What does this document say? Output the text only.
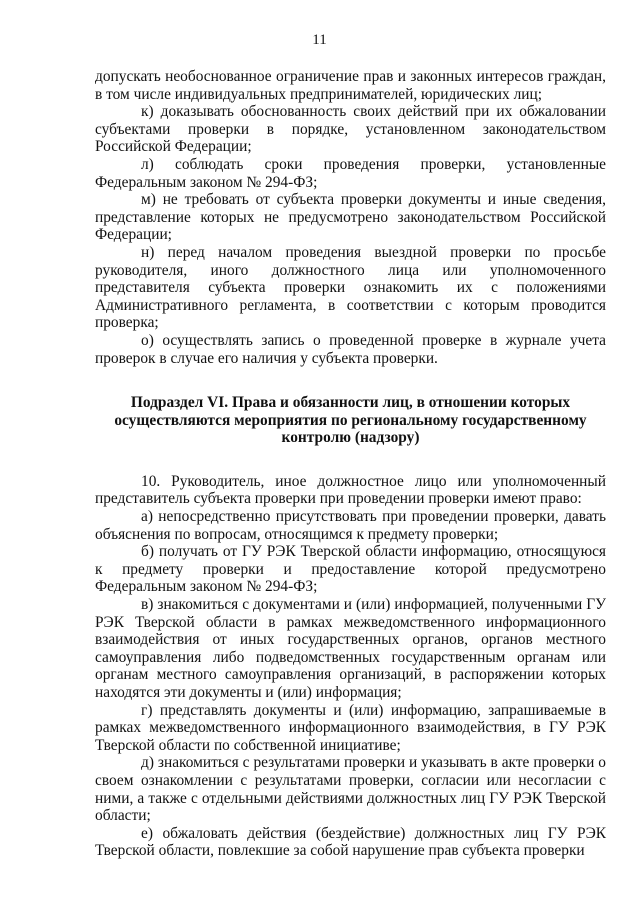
11

допускать необоснованное ограничение прав и законных интересов граждан, в том числе индивидуальных предпринимателей, юридических лиц;

к) доказывать обоснованность своих действий при их обжаловании субъектами проверки в порядке, установленном законодательством Российской Федерации;

л) соблюдать сроки проведения проверки, установленные Федеральным законом № 294-ФЗ;

м) не требовать от субъекта проверки документы и иные сведения, представление которых не предусмотрено законодательством Российской Федерации;

н) перед началом проведения выездной проверки по просьбе руководителя, иного должностного лица или уполномоченного представителя субъекта проверки ознакомить их с положениями Административного регламента, в соответствии с которым проводится проверка;

о) осуществлять запись о проведенной проверке в журнале учета проверок в случае его наличия у субъекта проверки.

Подраздел VI. Права и обязанности лиц, в отношении которых
осуществляются мероприятия по региональному государственному
контролю (надзору)

10. Руководитель, иное должностное лицо или уполномоченный представитель субъекта проверки при проведении проверки имеют право:

а) непосредственно присутствовать при проведении проверки, давать объяснения по вопросам, относящимся к предмету проверки;

б) получать от ГУ РЭК Тверской области информацию, относящуюся к предмету проверки и предоставление которой предусмотрено Федеральным законом № 294-ФЗ;

в) знакомиться с документами и (или) информацией, полученными ГУ РЭК Тверской области в рамках межведомственного информационного взаимодействия от иных государственных органов, органов местного самоуправления либо подведомственных государственным органам или органам местного самоуправления организаций, в распоряжении которых находятся эти документы и (или) информация;

г) представлять документы и (или) информацию, запрашиваемые в рамках межведомственного информационного взаимодействия, в ГУ РЭК Тверской области по собственной инициативе;

д) знакомиться с результатами проверки и указывать в акте проверки о своем ознакомлении с результатами проверки, согласии или несогласии с ними, а также с отдельными действиями должностных лиц ГУ РЭК Тверской области;

е) обжаловать действия (бездействие) должностных лиц ГУ РЭК Тверской области, повлекшие за собой нарушение прав субъекта проверки
